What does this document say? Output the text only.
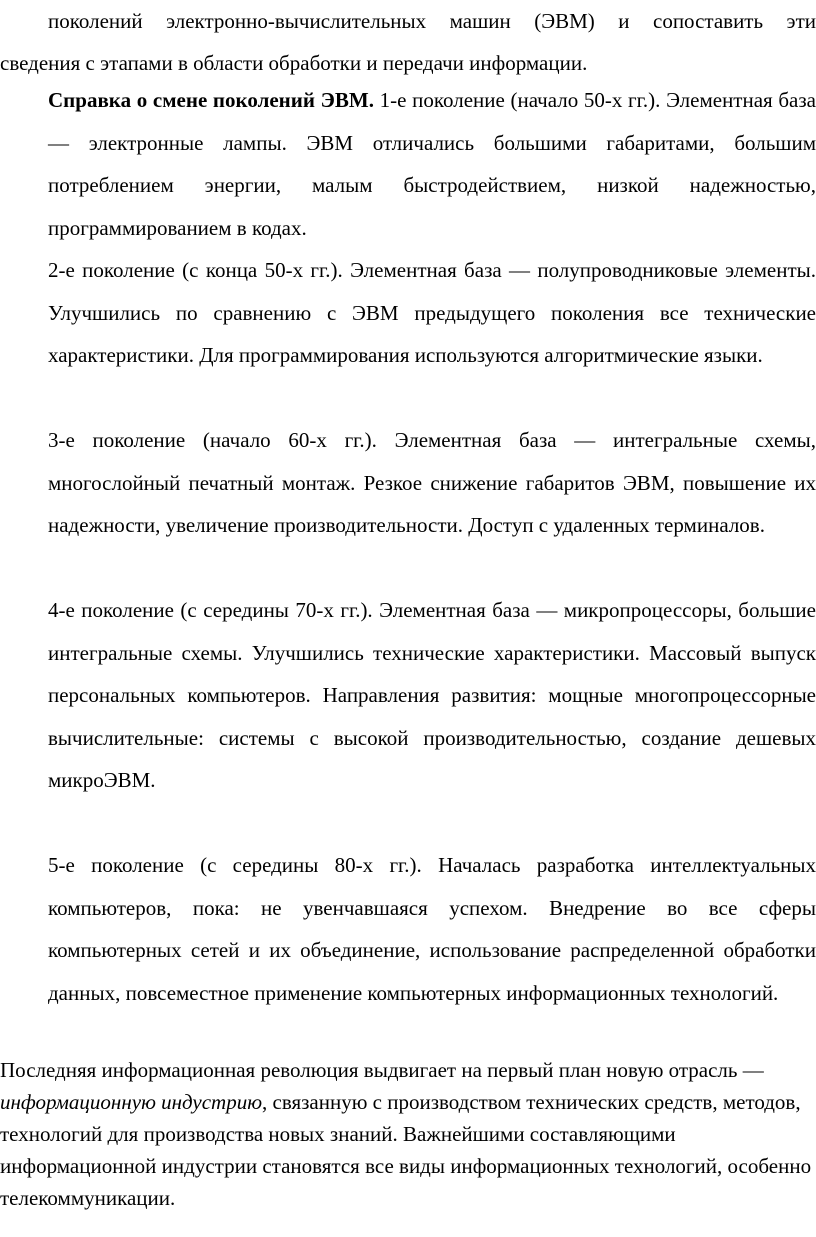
поколений электронно-вычислительных машин (ЭВМ) и сопоставить эти
сведения с этапами в области обработки и передачи информации.

Справка о смене поколений ЭВМ. 1-е поколение (начало 50-х гг.). Элементная база — электронные лампы. ЭВМ отличались большими габаритами, большим потреблением энергии, малым быстродействием, низкой надежностью, программированием в кодах.

2-е поколение (с конца 50-х гг.). Элементная база — полупроводниковые элементы. Улучшились по сравнению с ЭВМ предыдущего поколения все технические характеристики. Для программирования используются алгоритмические языки.

3-е поколение (начало 60-х гг.). Элементная база — интегральные схемы, многослойный печатный монтаж. Резкое снижение габаритов ЭВМ, повышение их надежности, увеличение производительности. Доступ с удаленных терминалов.

4-е поколение (с середины 70-х гг.). Элементная база — микропроцессоры, большие интегральные схемы. Улучшились технические характеристики. Массовый выпуск персональных компьютеров. Направления развития: мощные многопроцессорные вычислительные: системы с высокой производительностью, создание дешевых микроЭВМ.

5-е поколение (с середины 80-х гг.). Началась разработка интеллектуальных компьютеров, пока: не увенчавшаяся успехом. Внедрение во все сферы компьютерных сетей и их объединение, использование распределенной обработки данных, повсеместное применение компьютерных информационных технологий.

Последняя информационная революция выдвигает на первый план новую отрасль — информационную индустрию, связанную с производством технических средств, методов, технологий для производства новых знаний. Важнейшими составляющими информационной индустрии становятся все виды информационных технологий, особенно телекоммуникации.
